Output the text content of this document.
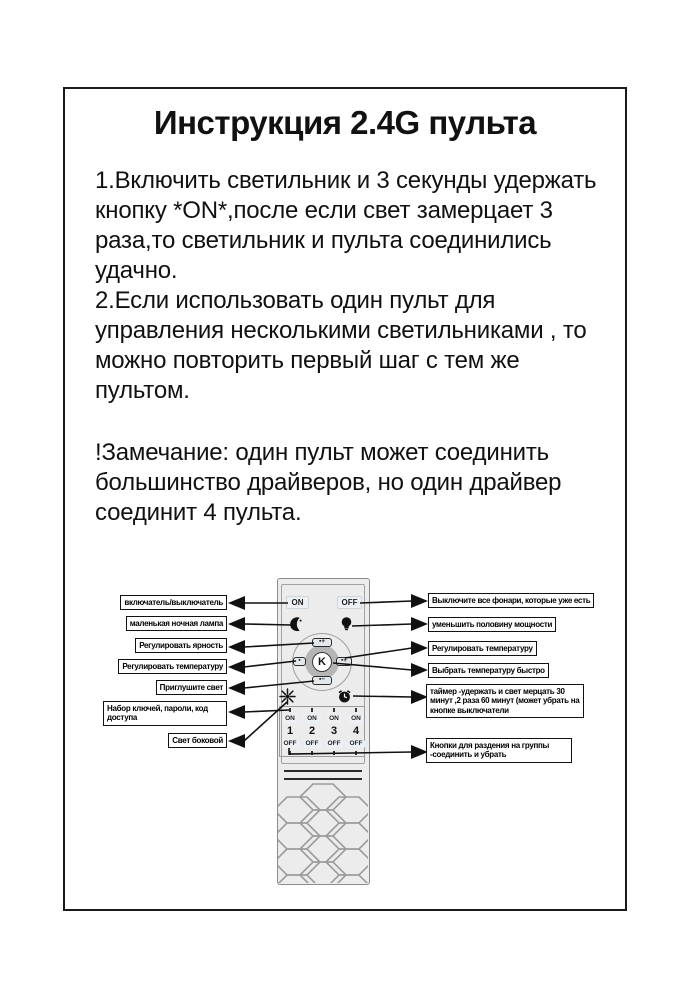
Инструкция 2.4G пульта

1.Включить светильник и 3 секунды удержать кнопку *ON*,после если свет замерцает 3 раза,то светильник и пульта соединились удачно.

2.Если использовать один пульт для управления несколькими светильниками , то можно повторить первый шаг с тем же пультом.

!Замечание: один пульт может соединить большинство драйверов, но один драйвер соединит 4 пульта.

ON	OFF
K
▪+
▪−
▪	▪+
ON
1
OFF
ON
2
OFF
ON
3
OFF
ON
4
OFF
включатель/выключатель
маленькая ночная лампа
Регулировать ярность
Регулировать температуру
Приглушите свет
Набор ключей, пароли, код доступа
Свет боковой
Выключите все фонари, которые уже есть
уменьшить половину мощности
Регулировать температуру
Выбрать температуру быстро
таймер -удержать и свет мерцать 30 минут ,2 раза 60 минут (может убрать на кнопке выключатели
Кнопки для раздения на группы -соединить и убрать
